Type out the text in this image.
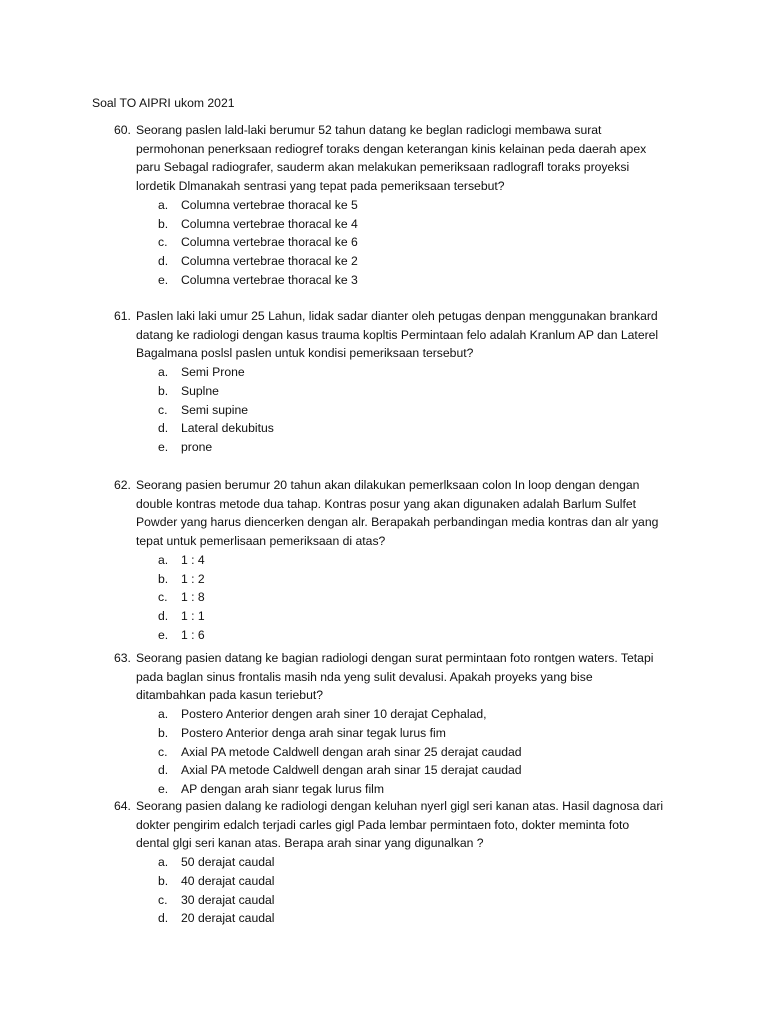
Soal TO AIPRI ukom 2021
60. Seorang paslen lald-laki berumur 52 tahun datang ke beglan radiclogi membawa surat
permohonan penerksaan rediogref toraks dengan keterangan kinis kelainan peda daerah apex
paru Sebagal radiografer, sauderm akan melakukan pemeriksaan radlografl toraks proyeksi
lordetik Dlmanakah sentrasi yang tepat pada pemeriksaan tersebut?
a.	Columna vertebrae thoracal ke 5
b.	Columna vertebrae thoracal ke 4
c.	Columna vertebrae thoracal ke 6
d.	Columna vertebrae thoracal ke 2
e.	Columna vertebrae thoracal ke 3
61. Paslen laki laki umur 25 Lahun, lidak sadar dianter oleh petugas denpan menggunakan brankard
datang ke radiologi dengan kasus trauma kopltis Permintaan felo adalah Kranlum AP dan Laterel
Bagalmana poslsl paslen untuk kondisi pemeriksaan tersebut?
a.	Semi Prone
b.	Suplne
c.	Semi supine
d.	Lateral dekubitus
e.	prone
62. Seorang pasien berumur 20 tahun akan dilakukan pemerlksaan colon In loop dengan dengan
double kontras metode dua tahap. Kontras posur yang akan digunaken adalah Barlum Sulfet
Powder yang harus diencerken dengan alr. Berapakah perbandingan media kontras dan alr yang
tepat untuk pemerlisaan pemeriksaan di atas?
a.	1 : 4
b.	1 : 2
c.	1 : 8
d.	1 : 1
e.	1 : 6
63. Seorang pasien datang ke bagian radiologi dengan surat permintaan foto rontgen waters. Tetapi
pada baglan sinus frontalis masih nda yeng sulit devalusi. Apakah proyeks yang bise
ditambahkan pada kasun teriebut?
a.	Postero Anterior dengen arah siner 10 derajat Cephalad,
b.	Postero Anterior denga arah sinar tegak lurus fim
c.	Axial PA metode Caldwell dengan arah sinar 25 derajat caudad
d.	Axial PA metode Caldwell dengan arah sinar 15 derajat caudad
e.	AP dengan arah sianr tegak lurus film
64. Seorang pasien dalang ke radiologi dengan keluhan nyerl gigl seri kanan atas. Hasil dagnosa dari
dokter pengirim edalch terjadi carles gigl Pada lembar permintaen foto, dokter meminta foto
dental glgi seri kanan atas. Berapa arah sinar yang digunalkan ?
a.	50 derajat caudal
b.	40 derajat caudal
c.	30 derajat caudal
d.	20 derajat caudal
